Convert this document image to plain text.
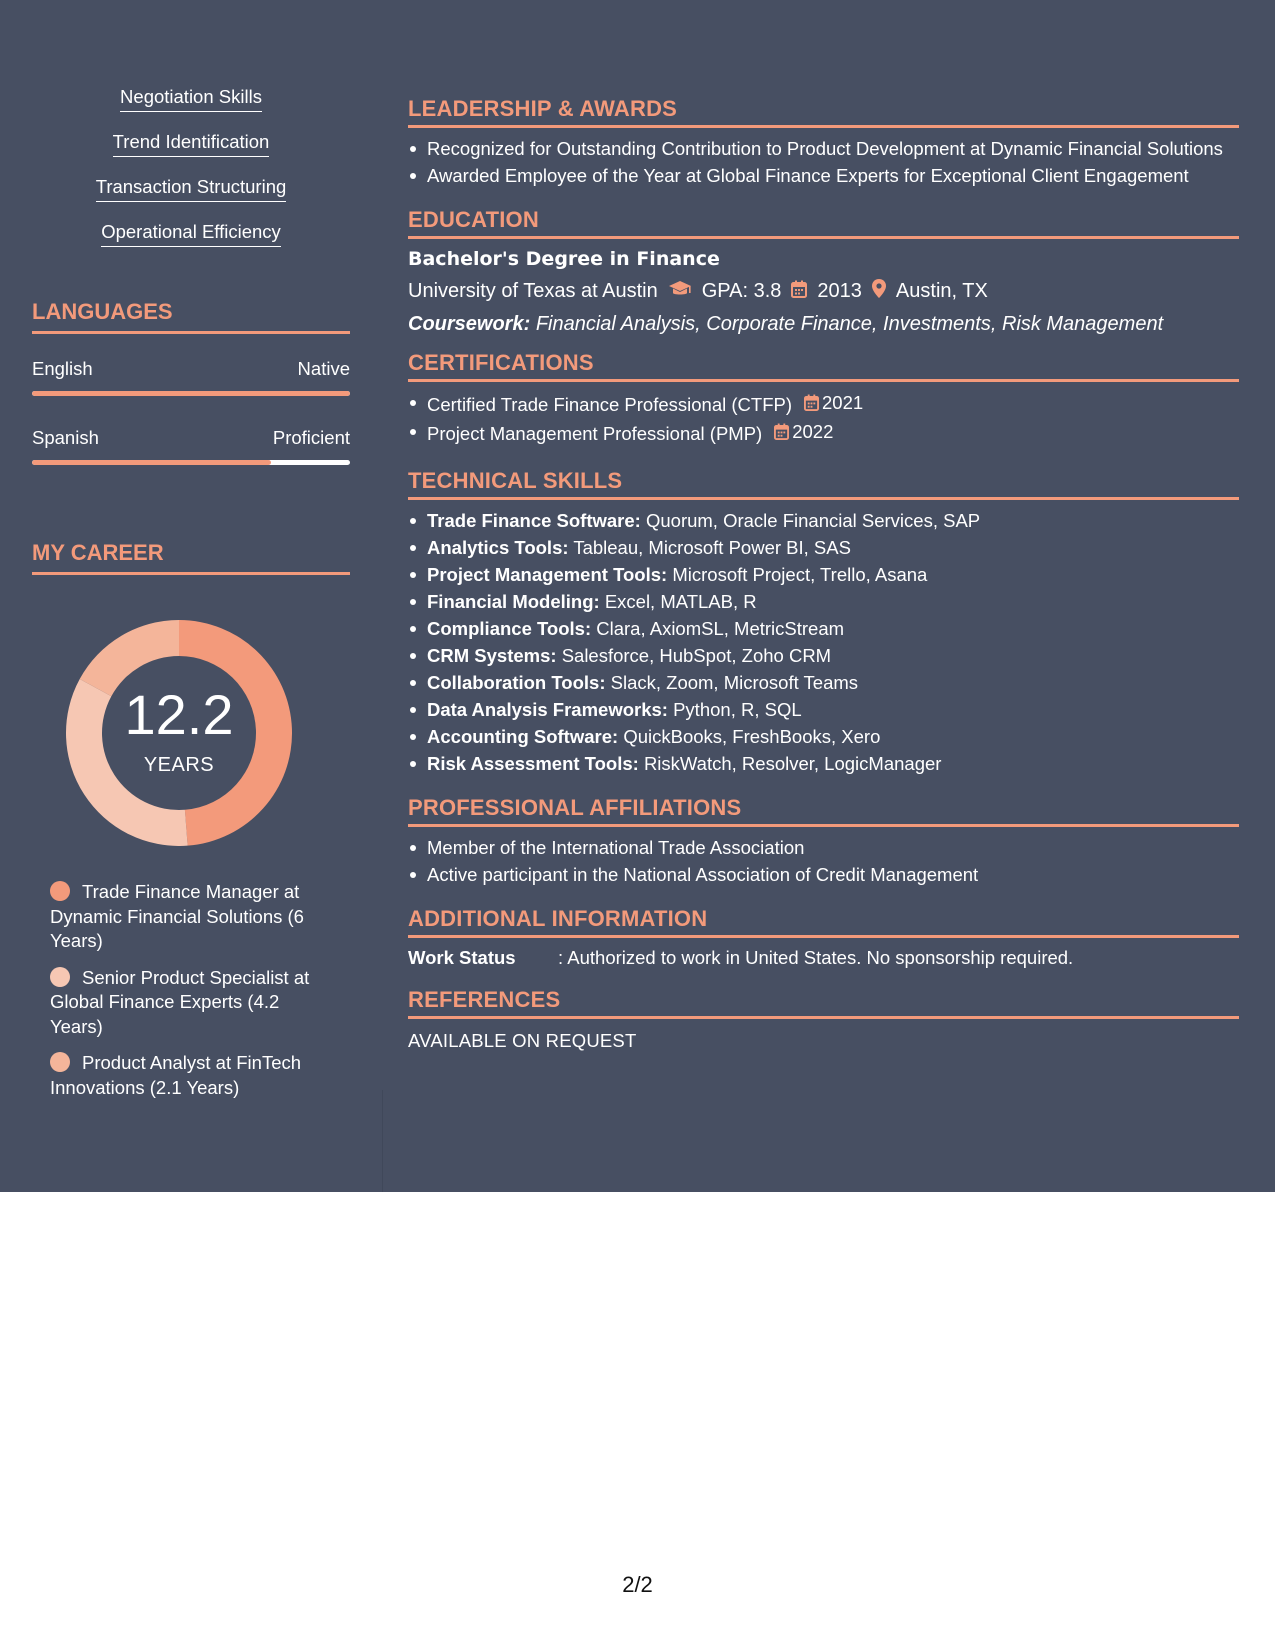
Negotiation Skills
Trend Identification
Transaction Structuring
Operational Efficiency
LANGUAGES
English	Native
Spanish	Proficient
MY CAREER
12.2
YEARS
Trade Finance Manager at Dynamic Financial Solutions (6 Years)
Senior Product Specialist at Global Finance Experts (4.2 Years)
Product Analyst at FinTech Innovations (2.1 Years)
LEADERSHIP & AWARDS
Recognized for Outstanding Contribution to Product Development at Dynamic Financial Solutions
Awarded Employee of the Year at Global Finance Experts for Exceptional Client Engagement
EDUCATION
Bachelor's Degree in Finance
University of Texas at Austin GPA: 3.8 2013 Austin, TX
Coursework: Financial Analysis, Corporate Finance, Investments, Risk Management
CERTIFICATIONS
Certified Trade Finance Professional (CTFP) 2021
Project Management Professional (PMP) 2022
TECHNICAL SKILLS
Trade Finance Software: Quorum, Oracle Financial Services, SAP
Analytics Tools: Tableau, Microsoft Power BI, SAS
Project Management Tools: Microsoft Project, Trello, Asana
Financial Modeling: Excel, MATLAB, R
Compliance Tools: Clara, AxiomSL, MetricStream
CRM Systems: Salesforce, HubSpot, Zoho CRM
Collaboration Tools: Slack, Zoom, Microsoft Teams
Data Analysis Frameworks: Python, R, SQL
Accounting Software: QuickBooks, FreshBooks, Xero
Risk Assessment Tools: RiskWatch, Resolver, LogicManager
PROFESSIONAL AFFILIATIONS
Member of the International Trade Association
Active participant in the National Association of Credit Management
ADDITIONAL INFORMATION
Work Status	: Authorized to work in United States. No sponsorship required.
REFERENCES
AVAILABLE ON REQUEST
2/2
